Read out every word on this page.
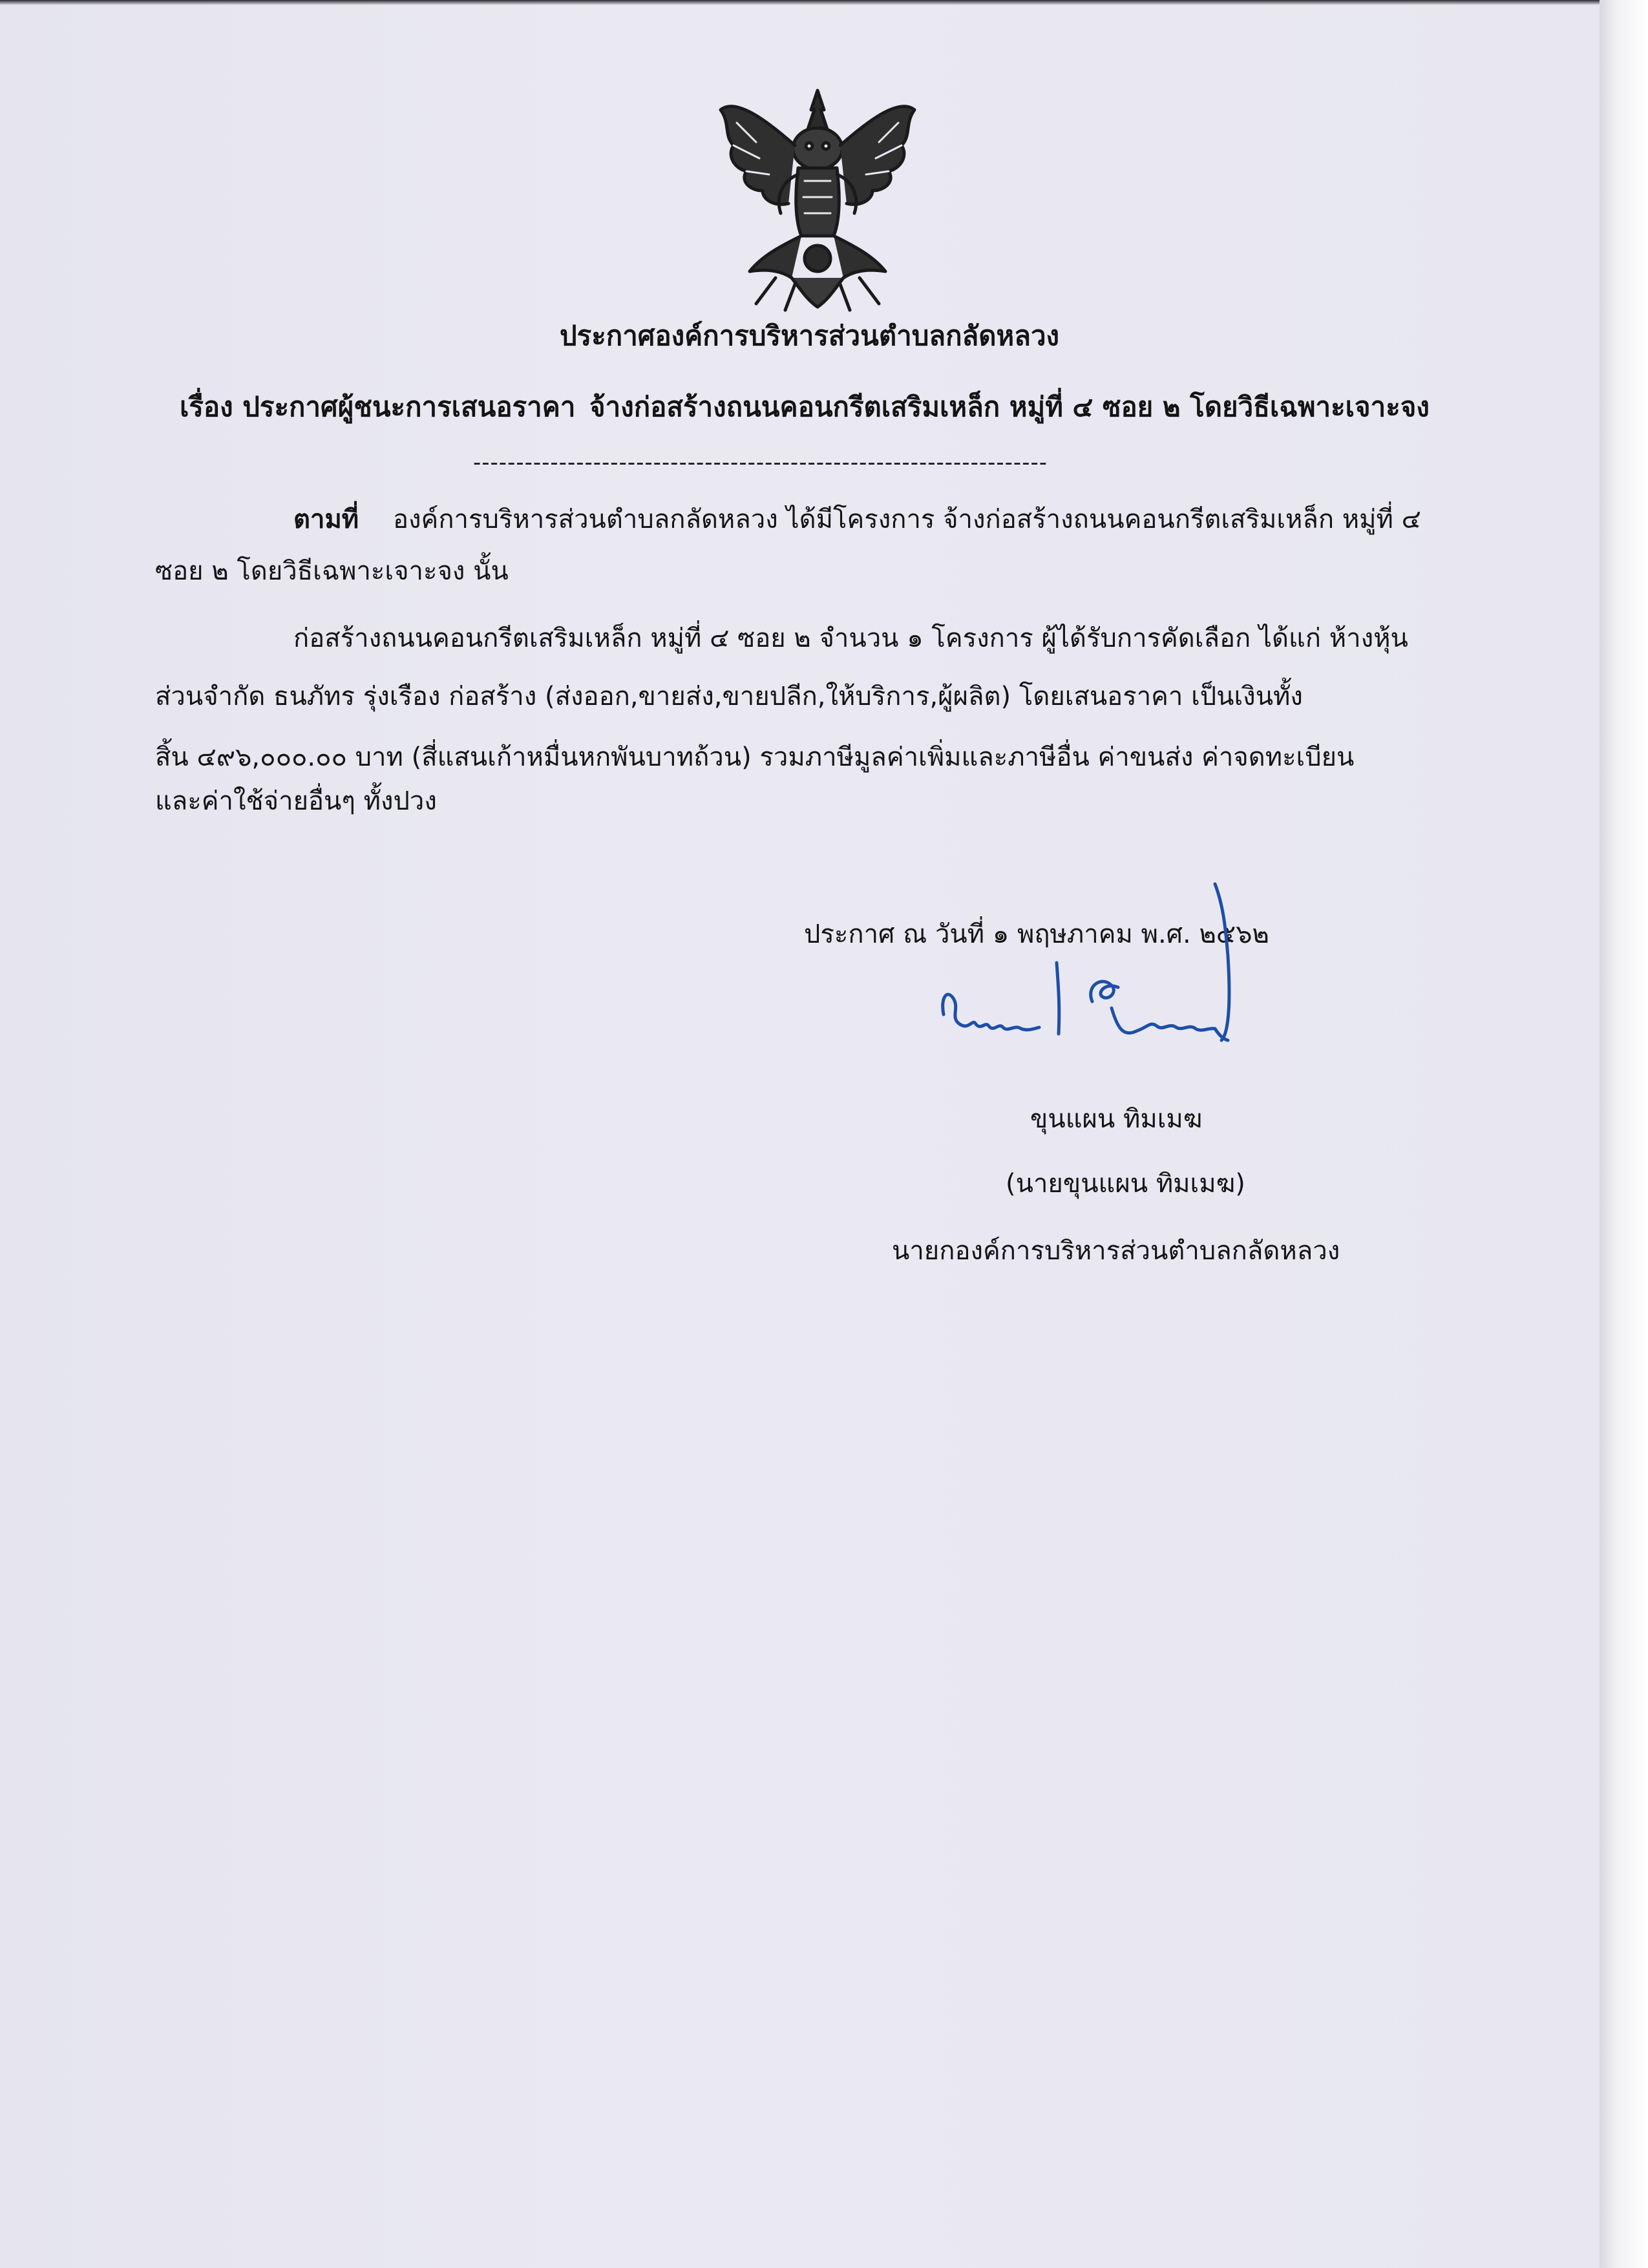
ประกาศองค์การบริหารส่วนตำบลกลัดหลวง
เรื่อง ประกาศผู้ชนะการเสนอราคา จ้างก่อสร้างถนนคอนกรีตเสริมเหล็ก หมู่ที่ ๔ ซอย ๒ โดยวิธีเฉพาะเจาะจง
-------------------------------------------------------------------
ตามที่ องค์การบริหารส่วนตำบลกลัดหลวง ได้มีโครงการ จ้างก่อสร้างถนนคอนกรีตเสริมเหล็ก หมู่ที่ ๔
ซอย ๒ โดยวิธีเฉพาะเจาะจง นั้น
ก่อสร้างถนนคอนกรีตเสริมเหล็ก หมู่ที่ ๔ ซอย ๒ จำนวน ๑ โครงการ ผู้ได้รับการคัดเลือก ได้แก่ ห้างหุ้น
ส่วนจำกัด ธนภัทร รุ่งเรือง ก่อสร้าง (ส่งออก,ขายส่ง,ขายปลีก,ให้บริการ,ผู้ผลิต) โดยเสนอราคา เป็นเงินทั้ง
สิ้น ๔๙๖,๐๐๐.๐๐ บาท (สี่แสนเก้าหมื่นหกพันบาทถ้วน) รวมภาษีมูลค่าเพิ่มและภาษีอื่น ค่าขนส่ง ค่าจดทะเบียน
และค่าใช้จ่ายอื่นๆ ทั้งปวง
ประกาศ ณ วันที่ ๑ พฤษภาคม พ.ศ. ๒๕๖๒
ขุนแผน ทิมเมฆ
(นายขุนแผน ทิมเมฆ)
นายกองค์การบริหารส่วนตำบลกลัดหลวง
